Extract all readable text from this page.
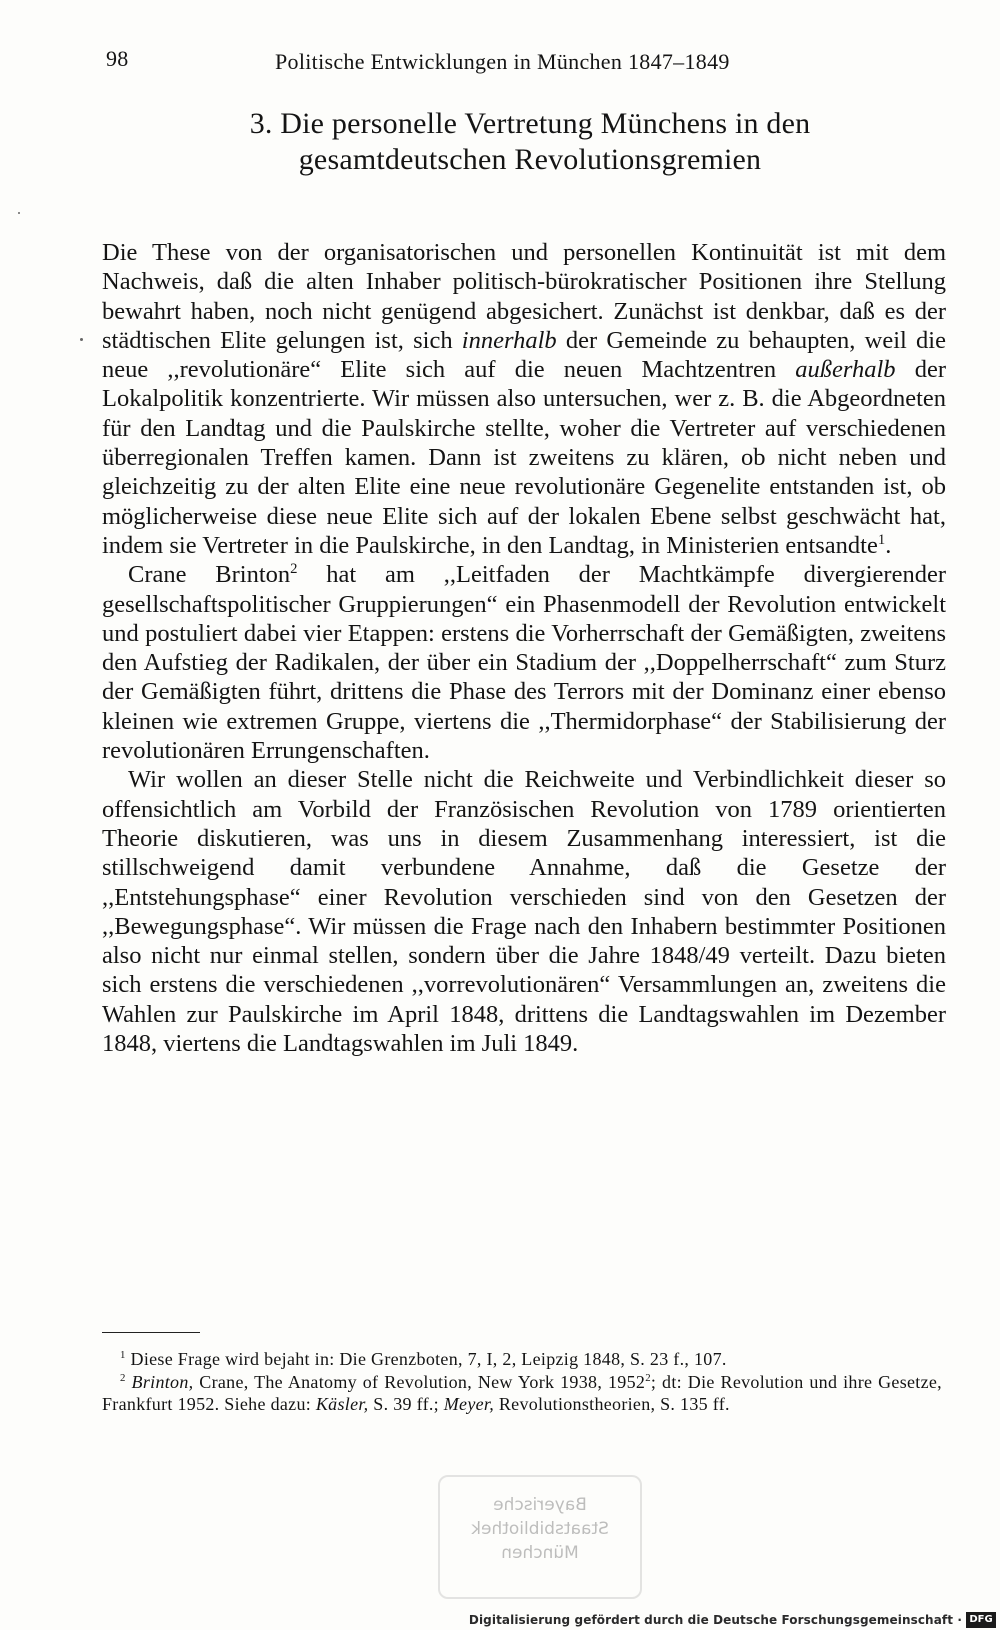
98	Politische Entwicklungen in München 1847–1849
3. Die personelle Vertretung Münchens in den
gesamtdeutschen Revolutionsgremien

Die These von der organisatorischen und personellen Kontinuität ist mit dem Nachweis, daß die alten Inhaber politisch-bürokratischer Positionen ihre Stellung bewahrt haben, noch nicht genügend abgesichert. Zunächst ist denkbar, daß es der städtischen Elite gelungen ist, sich innerhalb der Gemeinde zu behaupten, weil die neue ,,revolutionäre“ Elite sich auf die neuen Machtzentren außerhalb der Lokalpolitik konzentrierte. Wir müssen also untersuchen, wer z. B. die Abgeordneten für den Landtag und die Paulskirche stellte, woher die Vertreter auf verschiedenen überregionalen Treffen kamen. Dann ist zweitens zu klären, ob nicht neben und gleichzeitig zu der alten Elite eine neue revolutionäre Gegenelite entstanden ist, ob möglicherweise diese neue Elite sich auf der lokalen Ebene selbst geschwächt hat, indem sie Vertreter in die Paulskirche, in den Landtag, in Ministerien entsandte$^1$.

Crane Brinton$^2$ hat am ,,Leitfaden der Machtkämpfe divergierender gesellschaftspolitischer Gruppierungen“ ein Phasenmodell der Revolution entwickelt und postuliert dabei vier Etappen: erstens die Vorherrschaft der Gemäßigten, zweitens den Aufstieg der Radikalen, der über ein Stadium der ,,Doppelherrschaft“ zum Sturz der Gemäßigten führt, drittens die Phase des Terrors mit der Dominanz einer ebenso kleinen wie extremen Gruppe, viertens die ,,Thermidorphase“ der Stabilisierung der revolutionären Errungenschaften.

Wir wollen an dieser Stelle nicht die Reichweite und Verbindlichkeit dieser so offensichtlich am Vorbild der Französischen Revolution von 1789 orientierten Theorie diskutieren, was uns in diesem Zusammenhang interessiert, ist die stillschweigend damit verbundene Annahme, daß die Gesetze der ,,Entstehungsphase“ einer Revolution verschieden sind von den Gesetzen der ,,Bewegungsphase“. Wir müssen die Frage nach den Inhabern bestimmter Positionen also nicht nur einmal stellen, sondern über die Jahre 1848/49 verteilt. Dazu bieten sich erstens die verschiedenen ,,vorrevolutionären“ Versammlungen an, zweitens die Wahlen zur Paulskirche im April 1848, drittens die Landtagswahlen im Dezember 1848, viertens die Landtagswahlen im Juli 1849.

$^1$ Diese Frage wird bejaht in: Die Grenzboten, 7, I, 2, Leipzig 1848, S. 23 f., 107.

$^2$ Brinton, Crane, The Anatomy of Revolution, New York 1938, 1952$^2$; dt: Die Revolution und ihre Gesetze, Frankfurt 1952. Siehe dazu: Käsler, S. 39 ff.; Meyer, Revolutionstheorien, S. 135 ff.

Bayerische
Staatsbibliothek
München
Digitalisierung gefördert durch die Deutsche Forschungsgemeinschaft · DFG
